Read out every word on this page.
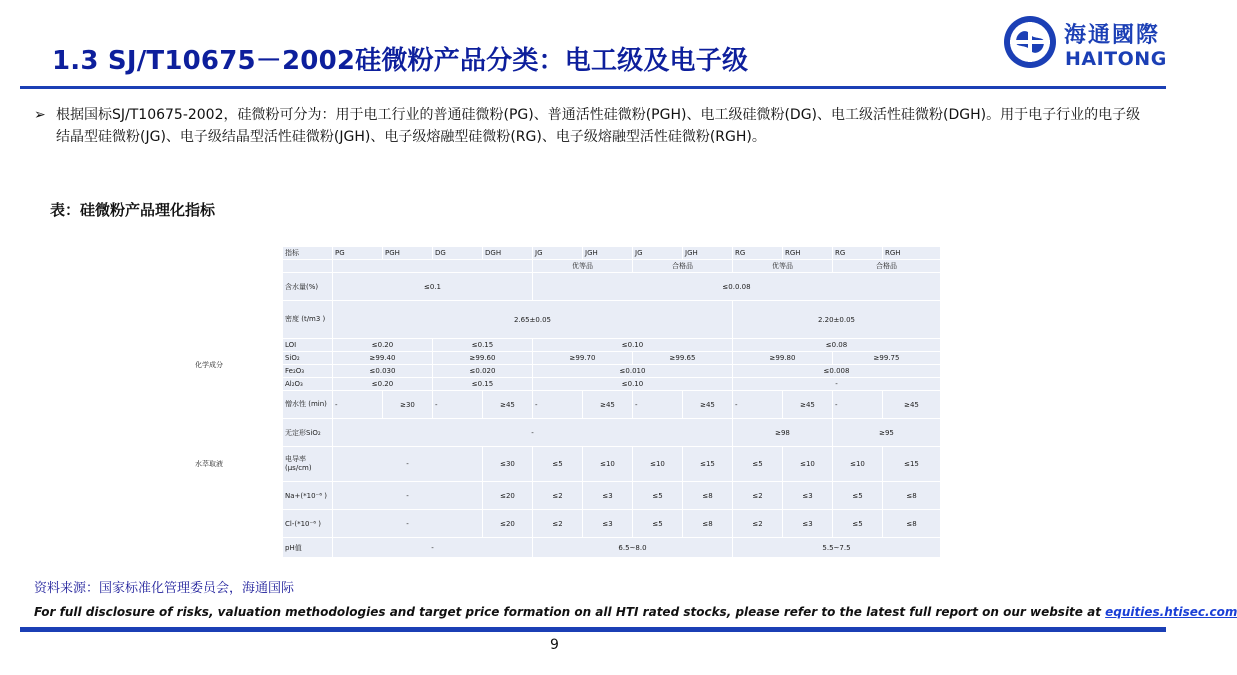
1.3 SJ/T10675－2002硅微粉产品分类：电工级及电子级
海通國際
HAITONG
➢ 根据国标SJ/T10675-2002，硅微粉可分为：用于电工行业的普通硅微粉(PG)、普通活性硅微粉(PGH)、电工级硅微粉(DG)、电工级活性硅微粉(DGH)。用于电子行业的电子级结晶型硅微粉(JG)、电子级结晶型活性硅微粉(JGH)、电子级熔融型硅微粉(RG)、电子级熔融型活性硅微粉(RGH)。
表：硅微粉产品理化指标
	指标	PG	PGH	DG	DGH	JG	JGH	JG	JGH	RG	RGH	RG	RGH
						优等品		合格品		优等品		合格品	
	含水量(%)	≤0.1				≤0.0.08							
	密度 (t/m3 )	2.65±0.05								2.20±0.05			
化学成分	LOI	≤0.20		≤0.15		≤0.10				≤0.08			
	SiO₂	≥99.40		≥99.60		≥99.70		≥99.65		≥99.80		≥99.75	
	Fe₂O₃	≤0.030		≤0.020		≤0.010				≤0.008			
	Al₂O₃	≤0.20		≤0.15		≤0.10				-			
	憎水性 (min)	-	≥30	-	≥45	-	≥45	-	≥45	-	≥45	-	≥45
	无定形SiO₂	-								≥98		≥95	
水萃取液	电导率 (μs/cm)	-			≤30	≤5	≤10	≤10	≤15	≤5	≤10	≤10	≤15
	Na+(*10⁻⁶ )	-			≤20	≤2	≤3	≤5	≤8	≤2	≤3	≤5	≤8
	Cl-(*10⁻⁶ )	-			≤20	≤2	≤3	≤5	≤8	≤2	≤3	≤5	≤8
	pH值	-				6.5~8.0				5.5~7.5			
资料来源：国家标准化管理委员会，海通国际
For full disclosure of risks, valuation methodologies and target price formation on all HTI rated stocks, please refer to the latest full report on our website at equities.htisec.com
9
